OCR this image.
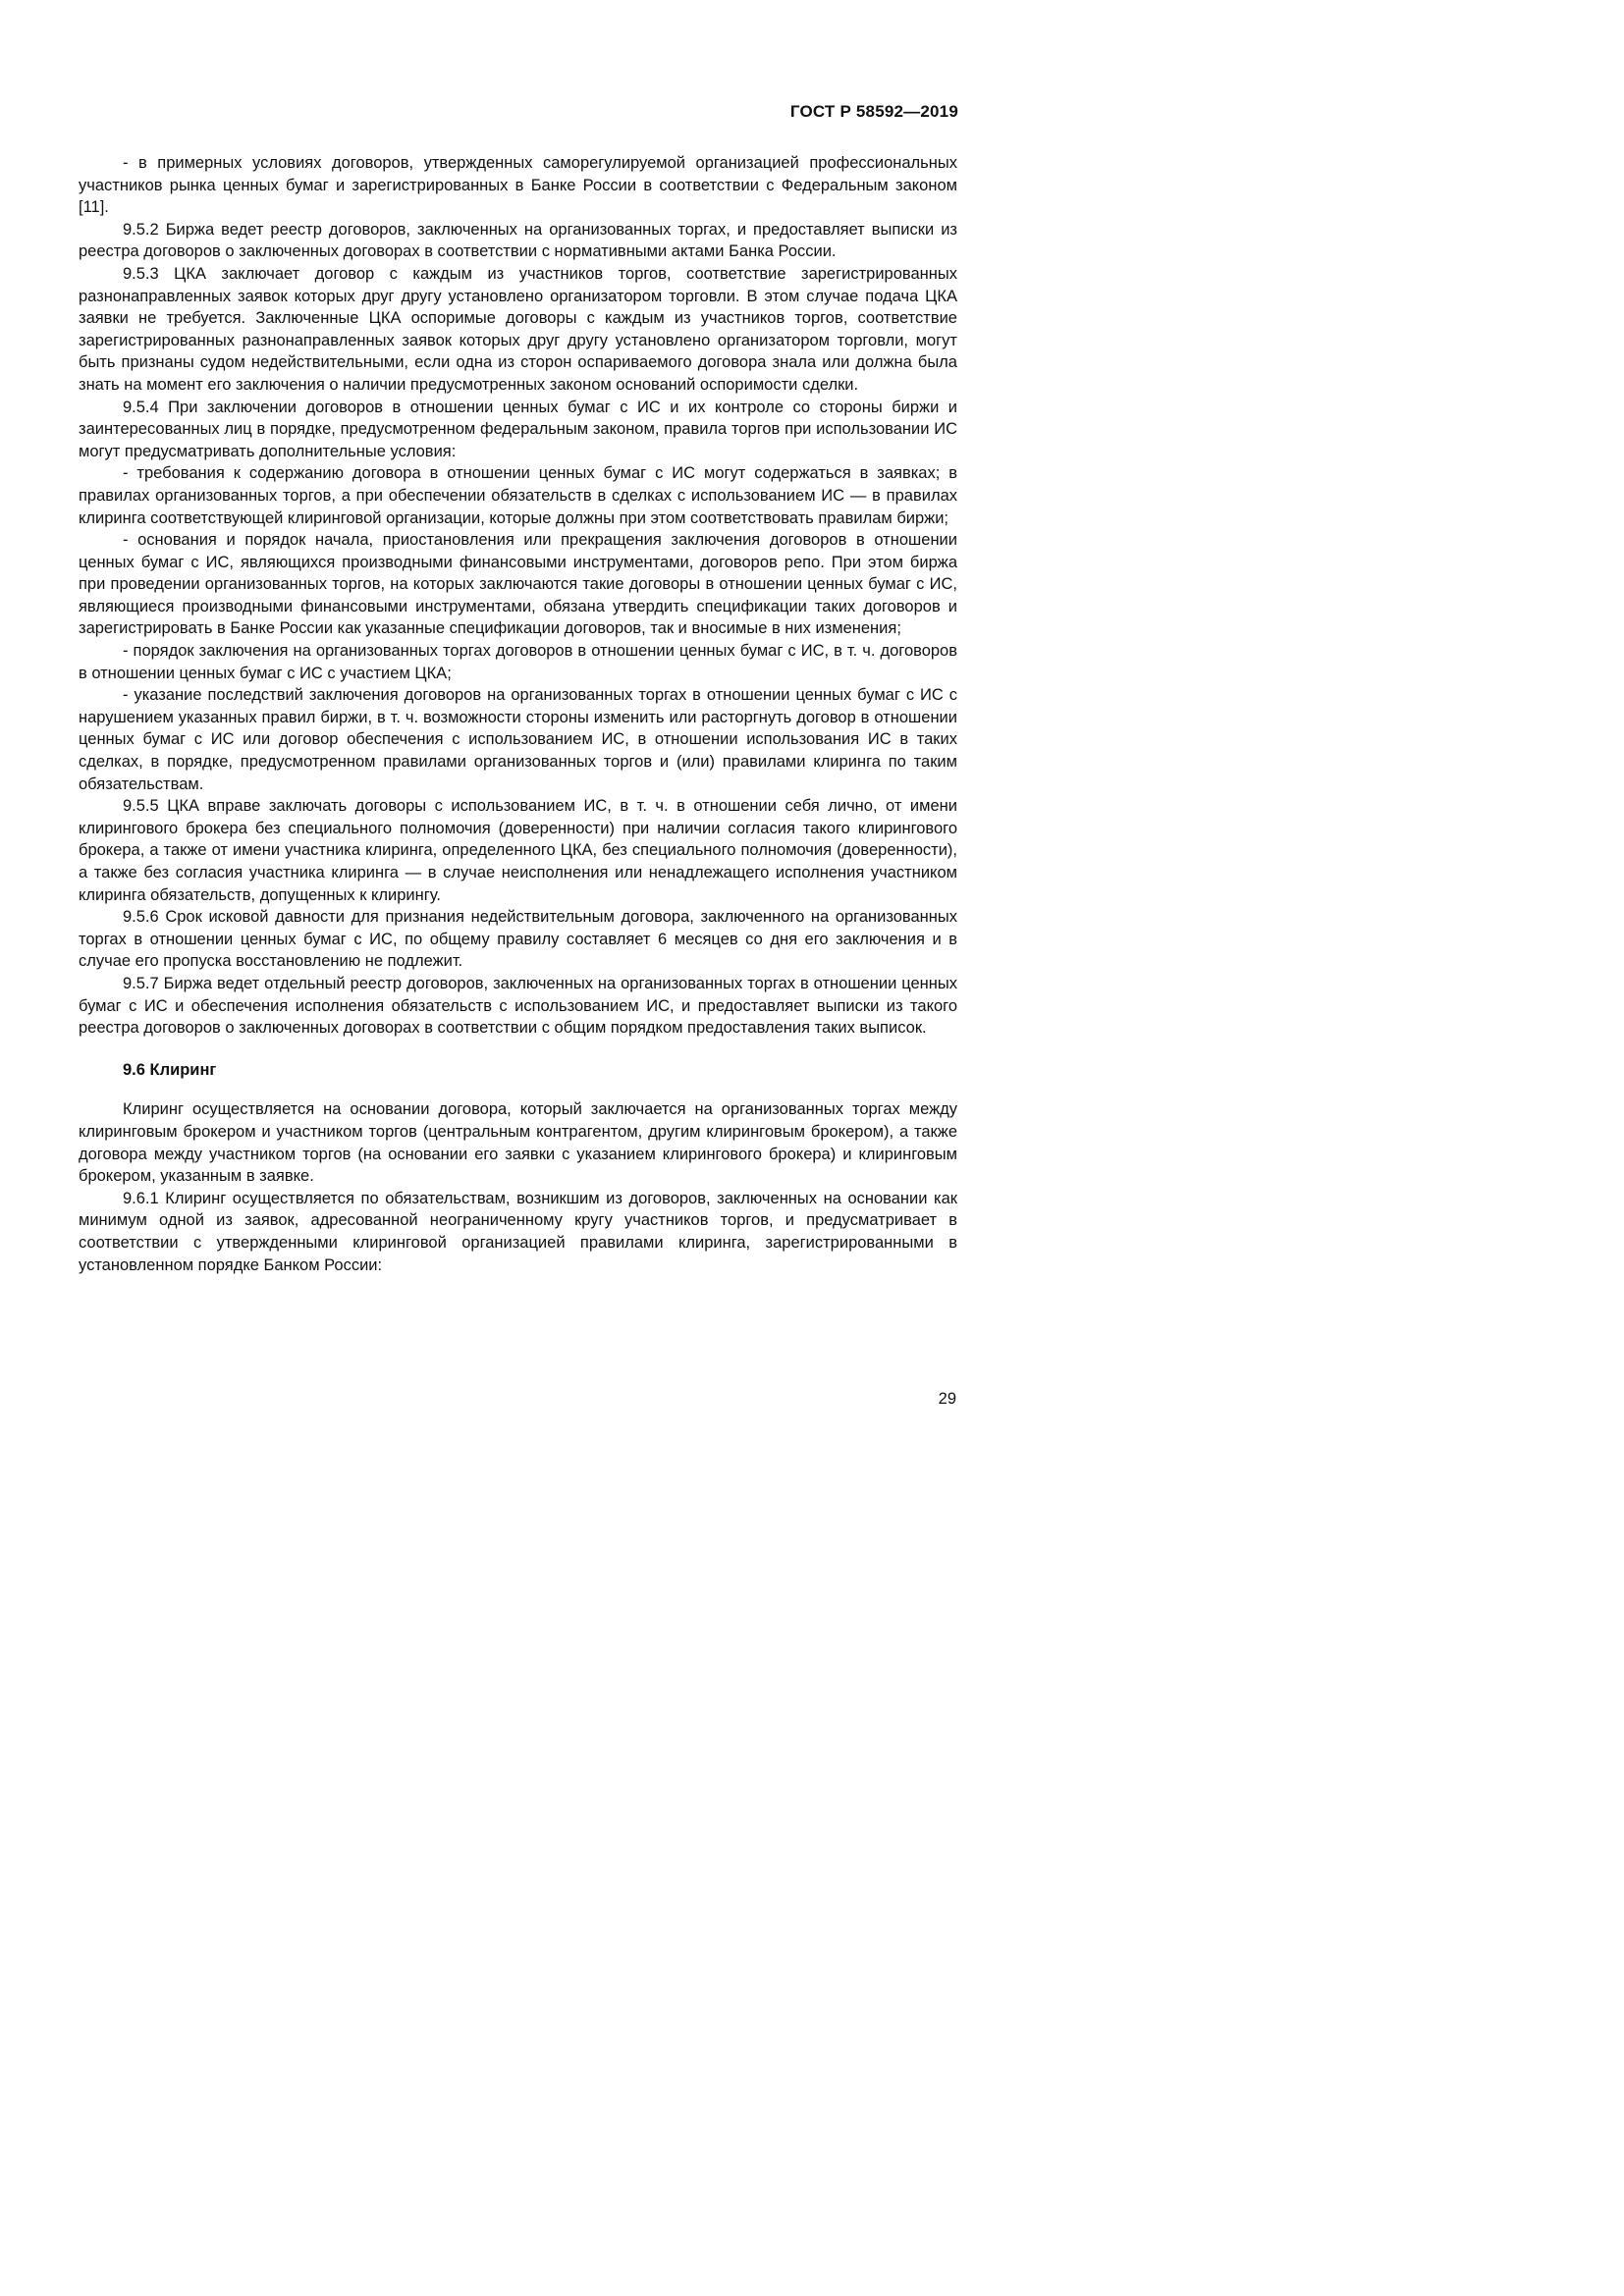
ГОСТ Р 58592—2019

- в примерных условиях договоров, утвержденных саморегулируемой организацией профессиональных участников рынка ценных бумаг и зарегистрированных в Банке России в соответствии с Федеральным законом [11].

9.5.2 Биржа ведет реестр договоров, заключенных на организованных торгах, и предоставляет выписки из реестра договоров о заключенных договорах в соответствии с нормативными актами Банка России.

9.5.3 ЦКА заключает договор с каждым из участников торгов, соответствие зарегистрированных разнонаправленных заявок которых друг другу установлено организатором торговли. В этом случае подача ЦКА заявки не требуется. Заключенные ЦКА оспоримые договоры с каждым из участников торгов, соответствие зарегистрированных разнонаправленных заявок которых друг другу установлено организатором торговли, могут быть признаны судом недействительными, если одна из сторон оспариваемого договора знала или должна была знать на момент его заключения о наличии предусмотренных законом оснований оспоримости сделки.

9.5.4 При заключении договоров в отношении ценных бумаг с ИС и их контроле со стороны биржи и заинтересованных лиц в порядке, предусмотренном федеральным законом, правила торгов при использовании ИС могут предусматривать дополнительные условия:

- требования к содержанию договора в отношении ценных бумаг с ИС могут содержаться в заявках; в правилах организованных торгов, а при обеспечении обязательств в сделках с использованием ИС — в правилах клиринга соответствующей клиринговой организации, которые должны при этом соответствовать правилам биржи;

- основания и порядок начала, приостановления или прекращения заключения договоров в отношении ценных бумаг с ИС, являющихся производными финансовыми инструментами, договоров репо. При этом биржа при проведении организованных торгов, на которых заключаются такие договоры в отношении ценных бумаг с ИС, являющиеся производными финансовыми инструментами, обязана утвердить спецификации таких договоров и зарегистрировать в Банке России как указанные спецификации договоров, так и вносимые в них изменения;

- порядок заключения на организованных торгах договоров в отношении ценных бумаг с ИС, в т. ч. договоров в отношении ценных бумаг с ИС с участием ЦКА;

- указание последствий заключения договоров на организованных торгах в отношении ценных бумаг с ИС с нарушением указанных правил биржи, в т. ч. возможности стороны изменить или расторгнуть договор в отношении ценных бумаг с ИС или договор обеспечения с использованием ИС, в отношении использования ИС в таких сделках, в порядке, предусмотренном правилами организованных торгов и (или) правилами клиринга по таким обязательствам.

9.5.5 ЦКА вправе заключать договоры с использованием ИС, в т. ч. в отношении себя лично, от имени клирингового брокера без специального полномочия (доверенности) при наличии согласия такого клирингового брокера, а также от имени участника клиринга, определенного ЦКА, без специального полномочия (доверенности), а также без согласия участника клиринга — в случае неисполнения или ненадлежащего исполнения участником клиринга обязательств, допущенных к клирингу.

9.5.6 Срок исковой давности для признания недействительным договора, заключенного на организованных торгах в отношении ценных бумаг с ИС, по общему правилу составляет 6 месяцев со дня его заключения и в случае его пропуска восстановлению не подлежит.

9.5.7 Биржа ведет отдельный реестр договоров, заключенных на организованных торгах в отношении ценных бумаг с ИС и обеспечения исполнения обязательств с использованием ИС, и предоставляет выписки из такого реестра договоров о заключенных договорах в соответствии с общим порядком предоставления таких выписок.

9.6 Клиринг

Клиринг осуществляется на основании договора, который заключается на организованных торгах между клиринговым брокером и участником торгов (центральным контрагентом, другим клиринговым брокером), а также договора между участником торгов (на основании его заявки с указанием клирингового брокера) и клиринговым брокером, указанным в заявке.

9.6.1 Клиринг осуществляется по обязательствам, возникшим из договоров, заключенных на основании как минимум одной из заявок, адресованной неограниченному кругу участников торгов, и предусматривает в соответствии с утвержденными клиринговой организацией правилами клиринга, зарегистрированными в установленном порядке Банком России:

29
